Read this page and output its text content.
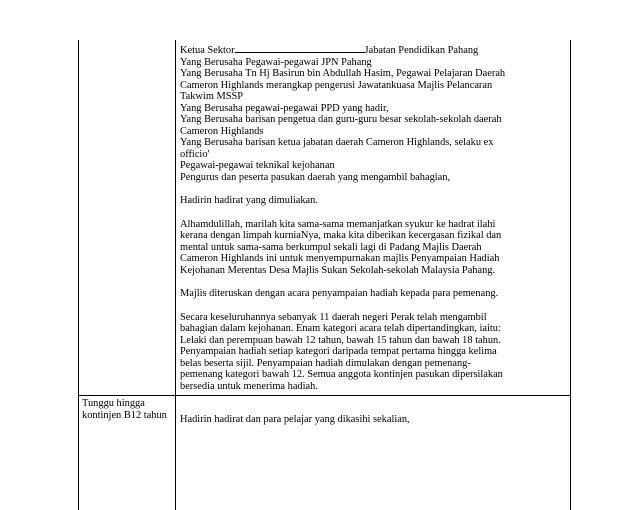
Ketua Sektor	Jabatan Pendidikan Pahang
Yang Berusaha Pegawai-pegawai JPN Pahang
Yang Berusaha Tn Hj Basirun bin Abdullah Hasim, Pegawai Pelajaran Daerah
Cameron Highlands merangkap pengerusi Jawatankuasa Majlis Pelancaran
Takwim MSSP
Yang Berusaha pegawai-pegawai PPD yang hadir,
Yang Berusaha barisan pengetua dan guru-guru besar sekolah-sekolah daerah
Cameron Highlands
Yang Berusaha barisan ketua jabatan daerah Cameron Highlands, selaku ex
officio'
Pegawai-pegawai teknikal kejohanan
Pengurus dan peserta pasukan daerah yang mengambil bahagian,
Hadirin hadirat yang dimuliakan.
Alhamdulillah, marilah kita sama-sama memanjatkan syukur ke hadrat ilahi
kerana dengan limpah kurniaNya, maka kita diberikan kecergasan fizikal dan
mental untuk sama-sama berkumpul sekali lagi di Padang Majlis Daerah
Cameron Highlands ini untuk menyempurnakan majlis Penyampaian Hadiah
Kejohanan Merentas Desa Majlis Sukan Sekolah-sekolah Malaysia Pahang.
Majlis diteruskan dengan acara penyampaian hadiah kepada para pemenang.
Secara keseluruhannya sebanyak 11 daerah negeri Perak telah mengambil
bahagian dalam kejohanan. Enam kategori acara telah dipertandingkan, iaitu:
Lelaki dan perempuan bawah 12 tahun, bawah 15 tahun dan bawah 18 tahun.
Penyampaian hadiah setiap kategori daripada tempat pertama hingga kelima
belas beserta sijil. Penyampaian hadiah dimulakan dengan pemenang-
pemenang kategori bawah 12. Semua anggota kontinjen pasukan dipersilakan
bersedia untuk menerima hadiah.
Tunggu hingga
kontinjen B12 tahun	Hadirin hadirat dan para pelajar yang dikasihi sekalian,
